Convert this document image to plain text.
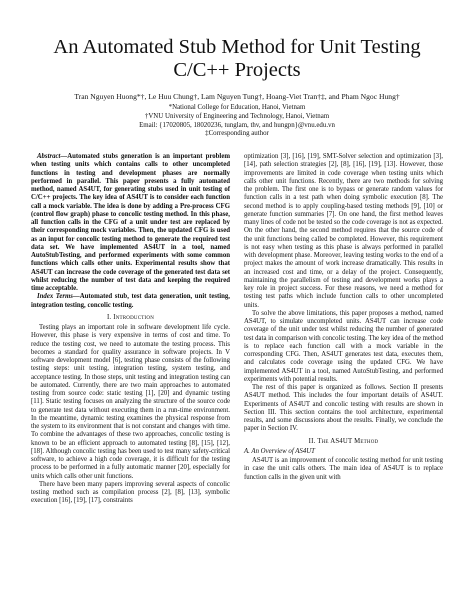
An Automated Stub Method for Unit Testing C/C++ Projects
Tran Nguyen Huong*†, Le Huu Chung†, Lam Nguyen Tung†, Hoang-Viet Tran†‡, and Pham Ngoc Hung†
*National College for Education, Hanoi, Vietnam
†VNU University of Engineering and Technology, Hanoi, Vietnam
Email: {17020805, 18020236, tunglam, thv, and hungpn}@vnu.edu.vn
‡Corresponding author

Abstract—Automated stubs generation is an important problem when testing units which contains calls to other uncompleted functions in testing and development phases are normally performed in parallel. This paper presents a fully automated method, named AS4UT, for generating stubs used in unit testing of C/C++ projects. The key idea of AS4UT is to consider each function call a mock variable. The idea is done by adding a Pre-process CFG (control flow graph) phase to concolic testing method. In this phase, all function calls in the CFG of a unit under test are replaced by their corresponding mock variables. Then, the updated CFG is used as an input for concolic testing method to generate the required test data set. We have implemented AS4UT in a tool, named AutoStubTesting, and performed experiments with some common functions which calls other units. Experimental results show that AS4UT can increase the code coverage of the generated test data set whilst reducing the number of test data and keeping the required time acceptable.

Index Terms—Automated stub, test data generation, unit testing, integration testing, concolic testing.

I. Introduction

Testing plays an important role in software development life cycle. However, this phase is very expensive in terms of cost and time. To reduce the testing cost, we need to automate the testing process. This becomes a standard for quality assurance in software projects. In V software development model [6], testing phase consists of the following testing steps: unit testing, integration testing, system testing, and acceptance testing. In those steps, unit testing and integration testing can be automated. Currently, there are two main approaches to automated testing from source code: static testing [1], [20] and dynamic testing [11]. Static testing focuses on analyzing the structure of the source code to generate test data without executing them in a run-time environment. In the meantime, dynamic testing examines the physical response from the system to its environment that is not constant and changes with time. To combine the advantages of these two approaches, concolic testing is known to be an efficient approach to automated testing [8], [15], [12], [18]. Although concolic testing has been used to test many safety-critical software, to achieve a high code coverage, it is difficult for the testing process to be performed in a fully automatic manner [20], especially for units which calls other unit functions.

There have been many papers improving several aspects of concolic testing method such as compilation process [2], [8], [13], symbolic execution [16], [19], [17], constraints

optimization [3], [16], [19], SMT-Solver selection and optimization [3], [14], path selection strategies [2], [8], [16], [19], [13]. However, those improvements are limited in code coverage when testing units which calls other unit functions. Recently, there are two methods for solving the problem. The first one is to bypass or generate random values for function calls in a test path when doing symbolic execution [8]. The second method is to apply coupling-based testing methods [9], [10] or generate function summaries [7]. On one hand, the first method leaves many lines of code not be tested so the code coverage is not as expected. On the other hand, the second method requires that the source code of the unit functions being called be completed. However, this requirement is not easy when testing as this phase is always performed in parallel with development phase. Moreover, leaving testing works to the end of a project makes the amount of work increase dramatically. This results in an increased cost and time, or a delay of the project. Consequently, maintaining the parallelism of testing and development works plays a key role in project success. For these reasons, we need a method for testing test paths which include function calls to other uncompleted units.

To solve the above limitations, this paper proposes a method, named AS4UT, to simulate uncompleted units. AS4UT can increase code coverage of the unit under test whilst reducing the number of generated test data in comparison with concolic testing. The key idea of the method is to replace each function call with a mock variable in the corresponding CFG. Then, AS4UT generates test data, executes them, and calculates code coverage using the updated CFG. We have implemented AS4UT in a tool, named AutoStubTesting, and performed experiments with potential results.

The rest of this paper is organized as follows. Section II presents AS4UT method. This includes the four important details of AS4UT. Experiments of AS4UT and concolic testing with results are shown in Section III. This section contains the tool architecture, experimental results, and some discussions about the results. Finally, we conclude the paper in Section IV.

II. The AS4UT Method
A. An Overview of AS4UT

AS4UT is an improvement of concolic testing method for unit testing in case the unit calls others. The main idea of AS4UT is to replace function calls in the given unit with
